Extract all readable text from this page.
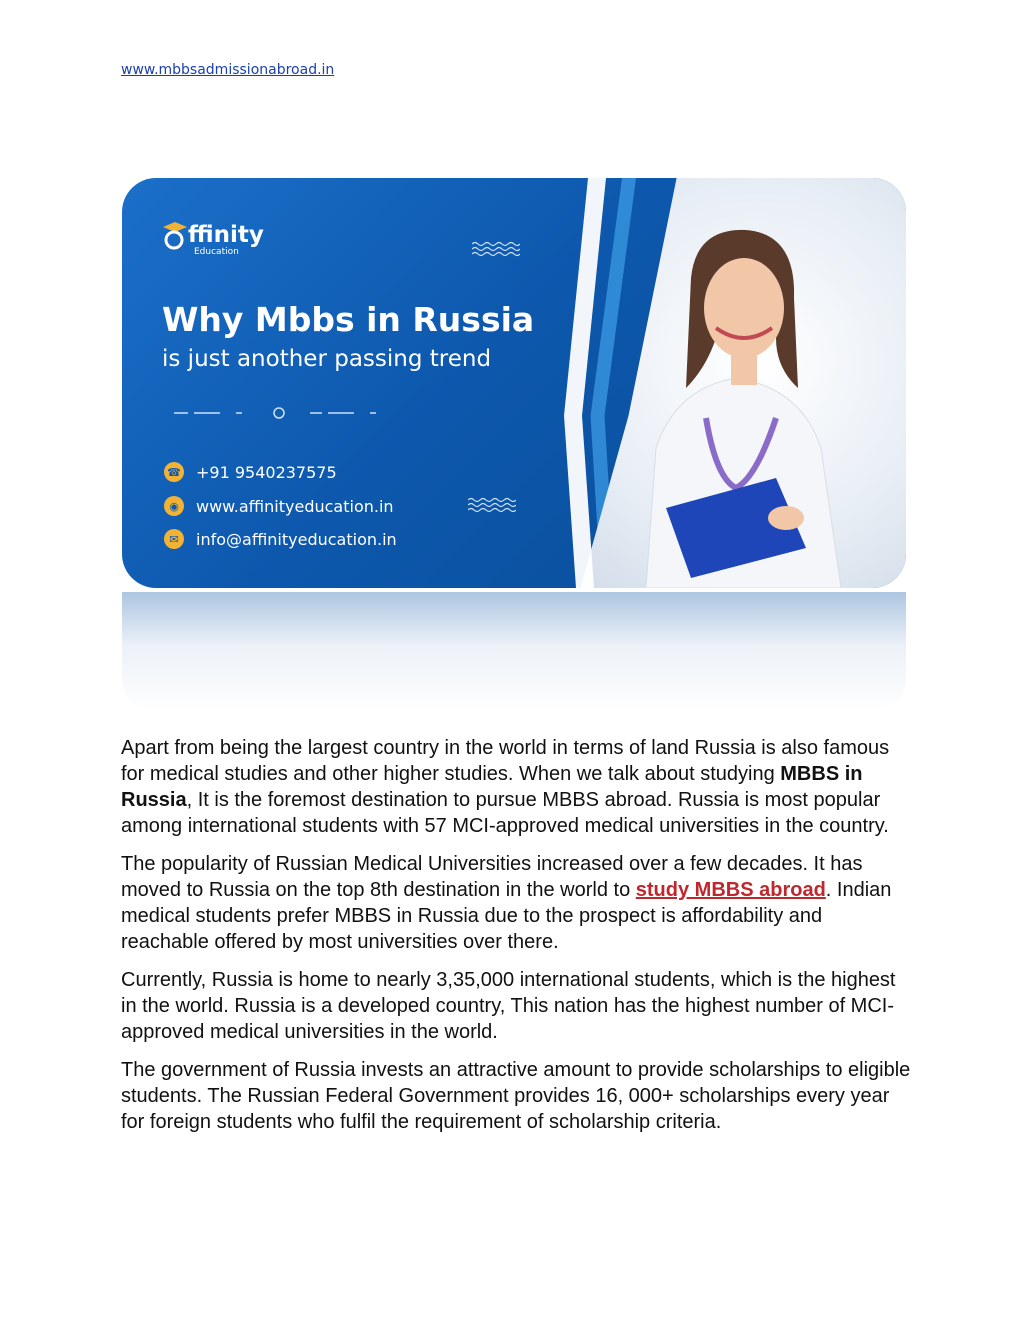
www.mbbsadmissionabroad.in
ffinity
Education
Why Mbbs in Russia
is just another passing trend
☎ +91 9540237575
◉	www.affinityeducation.in
✉	info@affinityeducation.in

Apart from being the largest country in the world in terms of land Russia is also famous for medical studies and other higher studies. When we talk about studying MBBS in Russia, It is the foremost destination to pursue MBBS abroad. Russia is most popular among international students with 57 MCI-approved medical universities in the country.

The popularity of Russian Medical Universities increased over a few decades. It has moved to Russia on the top 8th destination in the world to study MBBS abroad. Indian medical students prefer MBBS in Russia due to the prospect is affordability and reachable offered by most universities over there.

Currently, Russia is home to nearly 3,35,000 international students, which is the highest in the world. Russia is a developed country, This nation has the highest number of MCI-approved medical universities in the world.

The government of Russia invests an attractive amount to provide scholarships to eligible students. The Russian Federal Government provides 16, 000+ scholarships every year for foreign students who fulfil the requirement of scholarship criteria.
